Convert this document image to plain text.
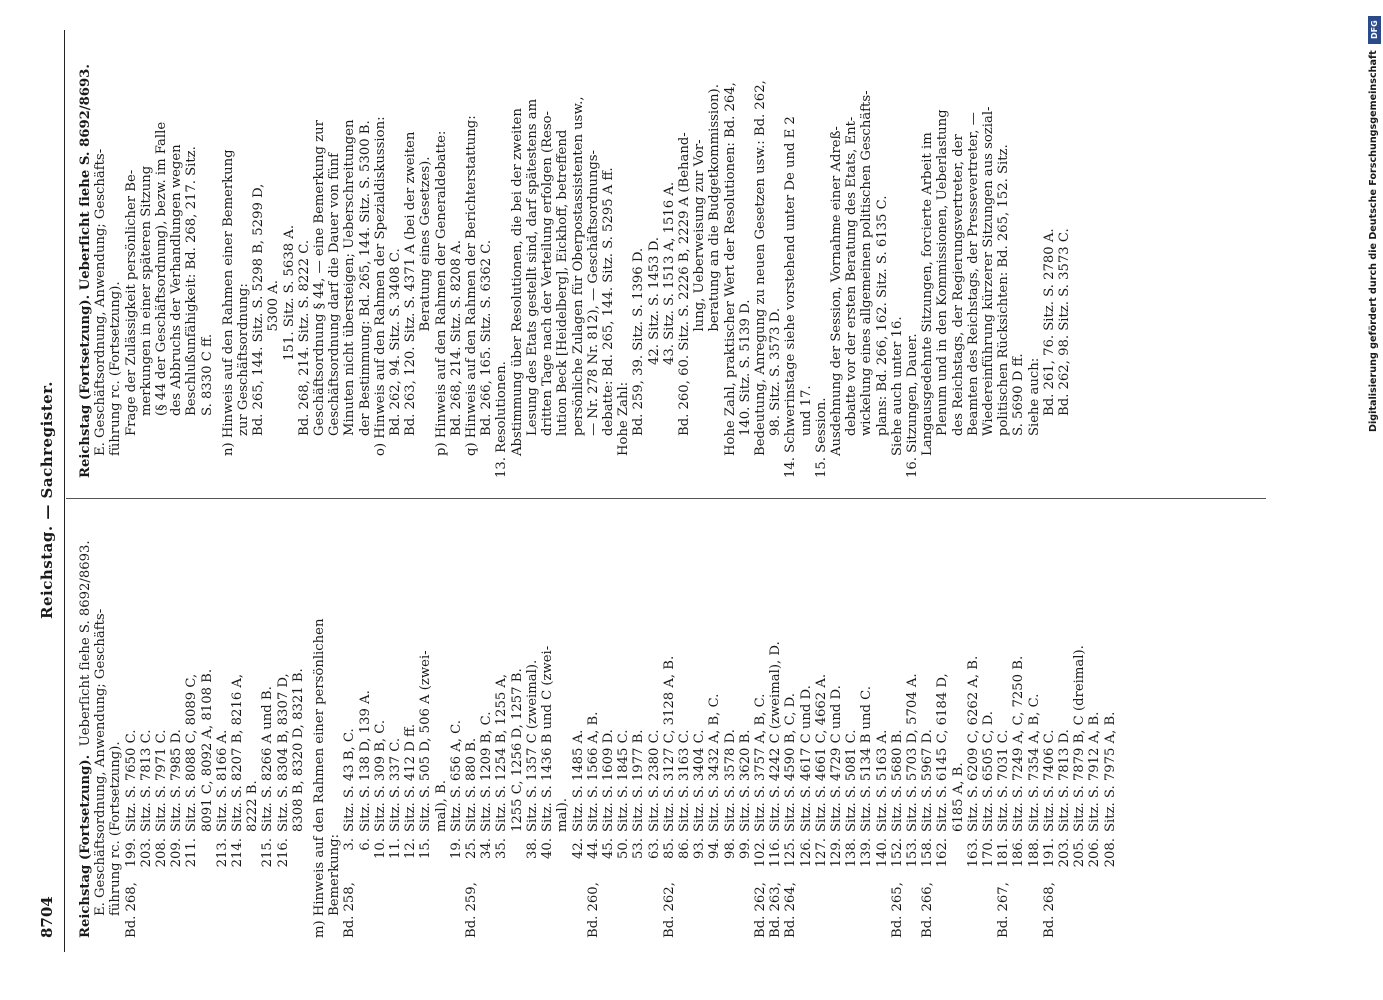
8704
Reichstag. — Sachregister.

Reichstag (Fortsetzung).  Ueberſicht ſiehe S. 8692/8693. E. Geschäftsordnung, Anwendung; Geschäfts- führung rc. (Fortsetzung). Bd. 268,
199.
Sitz. S. 7650 C.
203.
Sitz. S. 7813 C.
208.
Sitz. S. 7971 C.
209.
Sitz. S. 7985 D.
211.
Sitz. S. 8088 C, 8089 C, 8091 C, 8092 A, 8108 B.
213.
Sitz. S. 8166 A.
214.
Sitz. S. 8207 B, 8216 A, 8222 B.
215.
Sitz. S. 8266 A und B.
216.
Sitz. S. 8304 B, 8307 D, 8308 B, 8320 D, 8321 B. m) Hinweis auf den Rahmen einer persönlichen Bemerkung: Bd. 258,
3.
Sitz. S. 43 B, C.
6.
Sitz. S. 138 D, 139 A.
10.
Sitz. S. 309 B, C.
11.
Sitz. S. 337 C.
12.
Sitz. S. 412 D ff.
15.
Sitz. S. 505 D, 506 A (zwei- mal), B.
19.
Sitz. S. 656 A, C.
Bd. 259,
25.
Sitz. S. 880 B.
34.
Sitz. S. 1209 B, C.
35.
Sitz. S. 1254 B, 1255 A, 1255 C, 1256 D, 1257 B.
38.
Sitz. S. 1357 C (zweimal).
40.
Sitz. S. 1436 B und C (zwei- mal).
42.
Sitz. S. 1485 A.
Bd. 260,
44.
Sitz. S. 1566 A, B.
45.
Sitz. S. 1609 D.
50.
Sitz. S. 1845 C.
53.
Sitz. S. 1977 B.
63.
Sitz. S. 2380 C.
Bd. 262,
85.
Sitz. S. 3127 C, 3128 A, B.
86.
Sitz. S. 3163 C.
93.
Sitz. S. 3404 C.
94.
Sitz. S. 3432 A, B, C.
98.
Sitz. S. 3578 D.
99.
Sitz. S. 3620 B.
Bd. 262,
102.
Sitz. S. 3757 A, B, C.
Bd. 263,
116.
Sitz. S. 4242 C (zweimal), D.
Bd. 264,
125.
Sitz. S. 4590 B, C, D.
126.
Sitz. S. 4617 C und D.
127.
Sitz. S. 4661 C, 4662 A.
129.
Sitz. S. 4729 C und D.
138.
Sitz. S. 5081 C.
139.
Sitz. S. 5134 B und C.
140.
Sitz. S. 5163 A.
Bd. 265,
152.
Sitz. S. 5680 B.
153.
Sitz. S. 5703 D, 5704 A.
Bd. 266,
158.
Sitz. S. 5967 D.
162.
Sitz. S. 6145 C, 6184 D, 6185 A, B.
163.
Sitz. S. 6209 C, 6262 A, B.
170.
Sitz. S. 6505 C, D.
Bd. 267,
181.
Sitz. S. 7031 C.
186.
Sitz. S. 7249 A, C, 7250 B.
188.
Sitz. S. 7354 A, B, C.
Bd. 268,
191.
Sitz. S. 7406 C.
203.
Sitz. S. 7813 D.
205.
Sitz. S. 7879 B, C (dreimal).
206.
Sitz. S. 7912 A, B.
208.
Sitz. S. 7975 A, B.

Reichstag (Fortsetzung). Ueberſicht ſiehe S. 8692/8693. E. Geschäftsordnung, Anwendung; Geschäfts- führung rc. (Fortsetzung). Frage der Zulässigkeit persönlicher Be- merkungen in einer späteren Sitzung (§ 44 der Geschäftsordnung), bezw. im Falle des Abbruchs der Verhandlungen wegen Beschlußunfähigkeit: Bd. 268, 217. Sitz. S. 8330 C ff. n) Hinweis auf den Rahmen einer Bemerkung zur Geschäftsordnung: Bd. 265, 144. Sitz. S. 5298 B, 5299 D, 5300 A. 151. Sitz. S. 5638 A. Bd. 268, 214. Sitz. S. 8222 C. Geschäftsordnung § 44, — eine Bemerkung zur Geschäftsordnung darf die Dauer von fünf Minuten nicht übersteigen; Ueberschreitungen der Bestimmung: Bd. 265, 144. Sitz. S. 5300 B. o) Hinweis auf den Rahmen der Spezialdiskussion: Bd. 262, 94. Sitz. S. 3408 C. Bd. 263, 120. Sitz. S. 4371 A (bei der zweiten Beratung eines Gesetzes). p) Hinweis auf den Rahmen der Generaldebatte: Bd. 268, 214. Sitz. S. 8208 A. q) Hinweis auf den Rahmen der Berichterstattung: Bd. 266, 165. Sitz. S. 6362 C. 13. Resolutionen. Abstimmung über Resolutionen, die bei der zweiten Lesung des Etats gestellt sind, darf spätestens am dritten Tage nach der Verteilung erfolgen (Reso- lution Beck [Heidelberg], Eickhoff, betreffend persönliche Zulagen für Oberpostassistenten usw., — Nr. 278 Nr. 812), — Geschäftsordnungs- debatte: Bd. 265, 144. Sitz. S. 5295 A ff. Hohe Zahl: Bd. 259, 39. Sitz. S. 1396 D. 42. Sitz. S. 1453 D. 43. Sitz. S. 1513 A, 1516 A. Bd. 260, 60. Sitz. S. 2226 B, 2229 A (Behand- lung, Ueberweisung zur Vor- beratung an die Budgetkommission). Hohe Zahl, praktischer Wert der Resolutionen: Bd. 264, 140. Sitz. S. 5139 D. Bedeutung, Anregung zu neuen Gesetzen usw.: Bd. 262, 98. Sitz. S. 3573 D. 14. Schwerinstage siehe vorstehend unter De und E 2 und 17. 15. Session. Ausdehnung der Session, Vornahme einer Adreß- debatte vor der ersten Beratung des Etats, Ent- wickelung eines allgemeinen politischen Geschäfts- plans: Bd. 266, 162. Sitz. S. 6135 C. Siehe auch unter 16. 16. Sitzungen, Dauer. Langausgedehnte Sitzungen, forcierte Arbeit im Plenum und in den Kommissionen, Ueberlastung des Reichstags, der Regierungsvertreter, der Beamten des Reichstags, der Pressevertreter, — Wiedereinführung kürzerer Sitzungen aus sozial- politischen Rücksichten: Bd. 265, 152. Sitz. S. 5690 D ff. Siehe auch: Bd. 261, 76. Sitz. S. 2780 A. Bd. 262, 98. Sitz. S. 3573 C.

DFG
Digitalisierung gefördert durch die Deutsche Forschungsgemeinschaft
